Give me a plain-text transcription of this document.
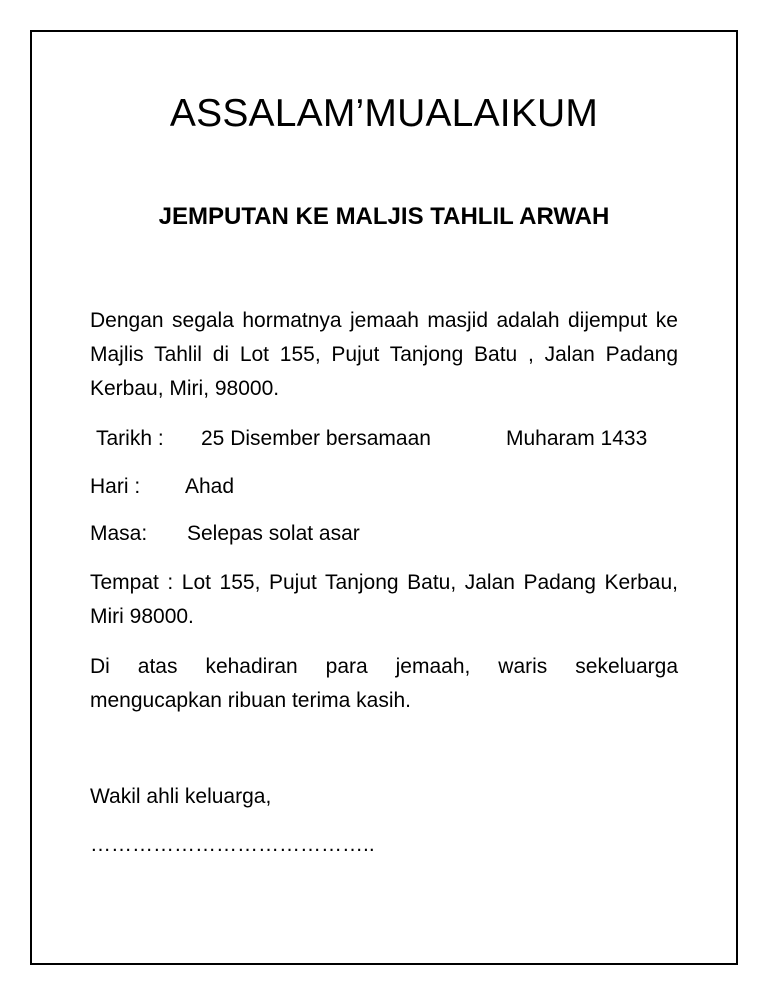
ASSALAM’MUALAIKUM
JEMPUTAN KE MALJIS TAHLIL ARWAH

Dengan segala hormatnya jemaah masjid adalah dijemput ke Majlis Tahlil di Lot 155, Pujut Tanjong Batu , Jalan Padang Kerbau, Miri, 98000.

Tarikh : 25 Disember bersamaan	Muharam 1433
Hari : Ahad
Masa: Selepas solat asar

Tempat : Lot 155, Pujut Tanjong Batu, Jalan Padang Kerbau, Miri 98000.

Di atas kehadiran para jemaah, waris sekeluarga mengucapkan ribuan terima kasih.

Wakil ahli keluarga,
…………………………………..
